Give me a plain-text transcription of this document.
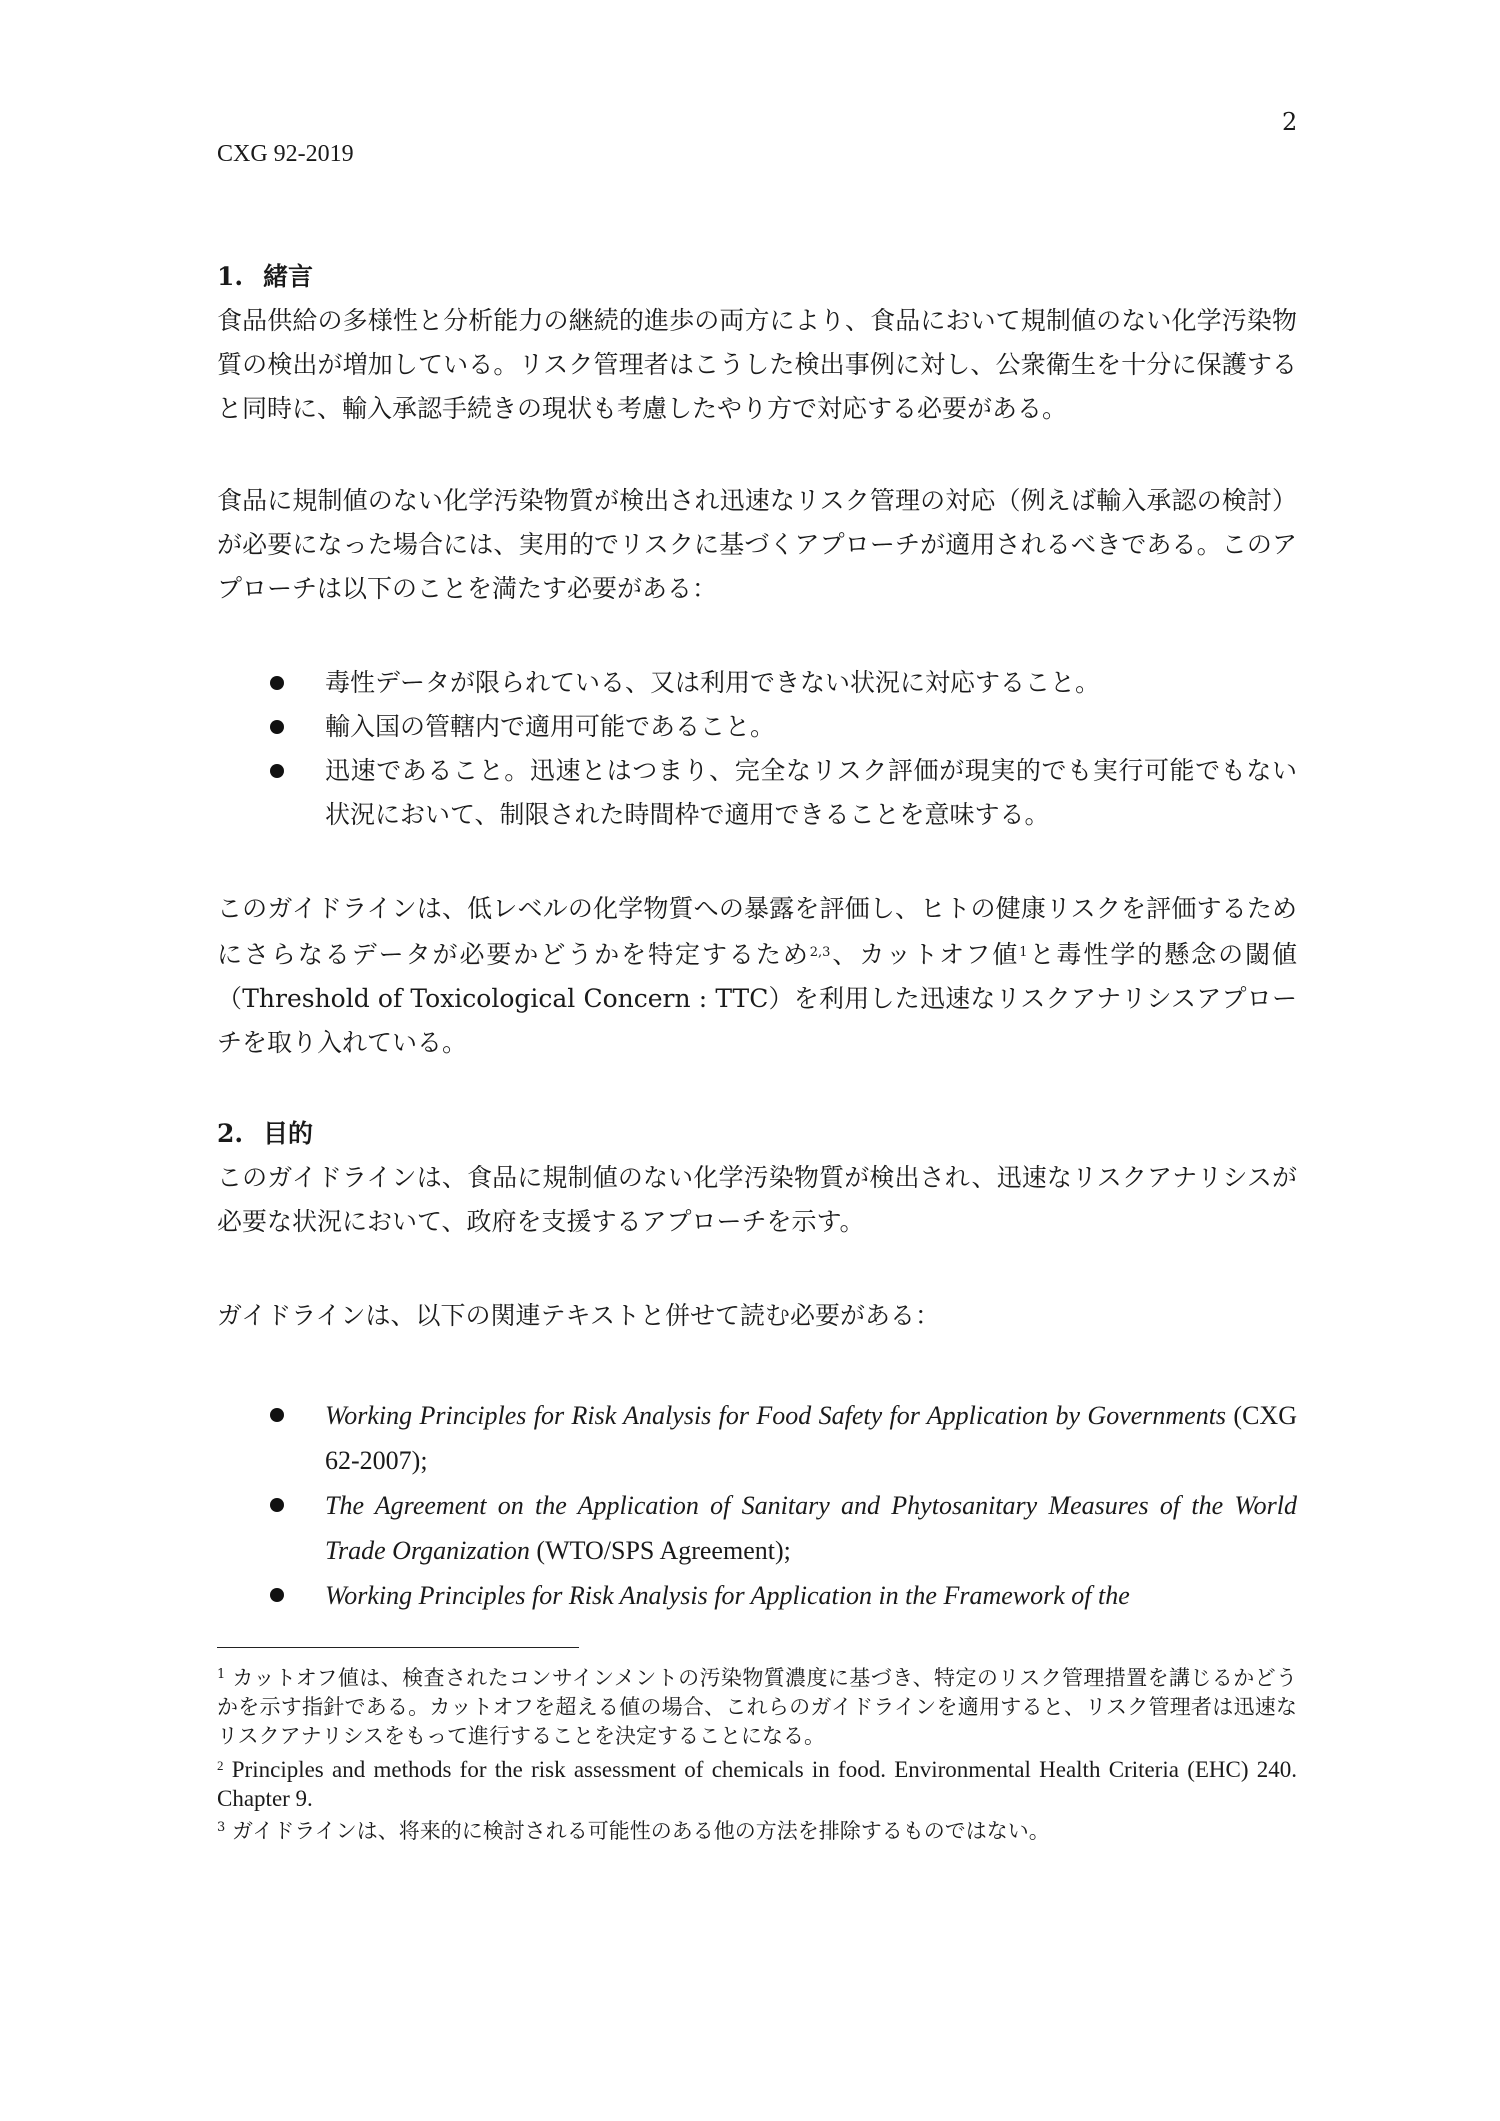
2
CXG 92-2019
1. 緒言

食品供給の多様性と分析能力の継続的進歩の両方により、食品において規制値のない化学汚染物質の検出が増加している。リスク管理者はこうした検出事例に対し、公衆衛生を十分に保護すると同時に、輸入承認手続きの現状も考慮したやり方で対応する必要がある。

食品に規制値のない化学汚染物質が検出され迅速なリスク管理の対応（例えば輸入承認の検討）が必要になった場合には、実用的でリスクに基づくアプローチが適用されるべきである。このアプローチは以下のことを満たす必要がある：

毒性データが限られている、又は利用できない状況に対応すること。
輸入国の管轄内で適用可能であること。
迅速であること。迅速とはつまり、完全なリスク評価が現実的でも実行可能でもない状況において、制限された時間枠で適用できることを意味する。

このガイドラインは、低レベルの化学物質への暴露を評価し、ヒトの健康リスクを評価するためにさらなるデータが必要かどうかを特定するため$^{2,3}$、カットオフ値$^1$と毒性学的懸念の閾値（Threshold of Toxicological Concern : TTC）を利用した迅速なリスクアナリシスアプローチを取り入れている。

2. 目的

このガイドラインは、食品に規制値のない化学汚染物質が検出され、迅速なリスクアナリシスが必要な状況において、政府を支援するアプローチを示す。

ガイドラインは、以下の関連テキストと併せて読む必要がある：

Working Principles for Risk Analysis for Food Safety for Application by Governments (CXG 62-2007);
The Agreement on the Application of Sanitary and Phytosanitary Measures of the World Trade Organization (WTO/SPS Agreement);
Working Principles for Risk Analysis for Application in the Framework of the

$^1$ カットオフ値は、検査されたコンサインメントの汚染物質濃度に基づき、特定のリスク管理措置を講じるかどうかを示す指針である。カットオフを超える値の場合、これらのガイドラインを適用すると、リスク管理者は迅速なリスクアナリシスをもって進行することを決定することになる。

$^2$ Principles and methods for the risk assessment of chemicals in food. Environmental Health Criteria (EHC) 240. Chapter 9.

$^3$ ガイドラインは、将来的に検討される可能性のある他の方法を排除するものではない。
